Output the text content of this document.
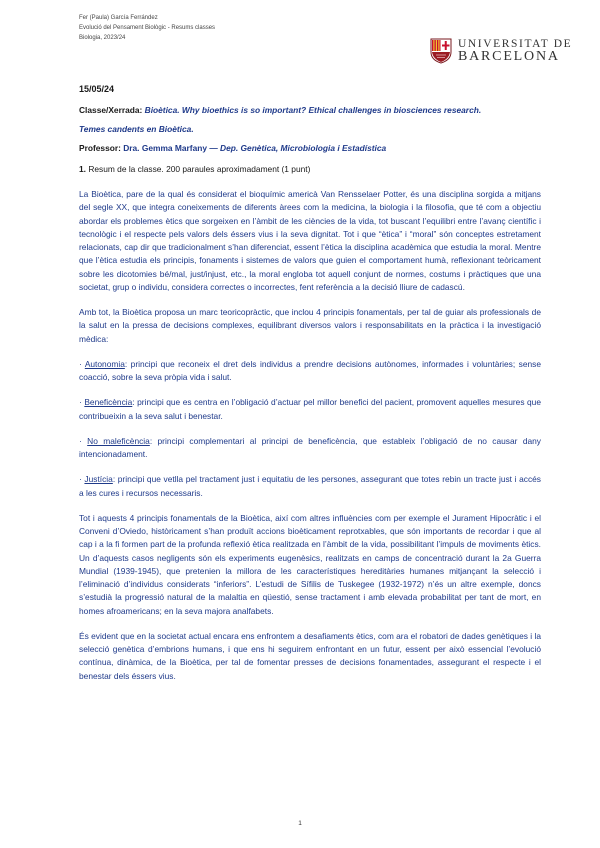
Fer (Paula) García Ferrández
Evolució del Pensament Biològic - Resums classes
Biologia, 2023/24	UNIVERSITAT DE
BARCELONA

15/05/24

Classe/Xerrada: Bioètica. Why bioethics is so important? Ethical challenges in biosciences research.

Temes candents en Bioètica.

Professor: Dra. Gemma Marfany — Dep. Genètica, Microbiologia i Estadística

1. Resum de la classe. 200 paraules aproximadament (1 punt)

La Bioètica, pare de la qual és considerat el bioquímic americà Van Rensselaer Potter, és una disciplina sorgida a mitjans del segle XX, que integra coneixements de diferents àrees com la medicina, la biologia i la filosofia, que té com a objectiu abordar els problemes ètics que sorgeixen en l’àmbit de les ciències de la vida, tot buscant l’equilibri entre l’avanç científic i tecnològic i el respecte pels valors dels éssers vius i la seva dignitat. Tot i que “ètica” i “moral” són conceptes estretament relacionats, cap dir que tradicionalment s’han diferenciat, essent l’ètica la disciplina acadèmica que estudia la moral. Mentre que l’ètica estudia els principis, fonaments i sistemes de valors que guien el comportament humà, reflexionant teòricament sobre les dicotomies bé/mal, just/injust, etc., la moral engloba tot aquell conjunt de normes, costums i pràctiques que una societat, grup o individu, considera correctes o incorrectes, fent referència a la decisió lliure de cadascú.

Amb tot, la Bioètica proposa un marc teoricopràctic, que inclou 4 principis fonamentals, per tal de guiar als professionals de la salut en la pressa de decisions complexes, equilibrant diversos valors i responsabilitats en la pràctica i la investigació mèdica:

· Autonomia: principi que reconeix el dret dels individus a prendre decisions autònomes, informades i voluntàries; sense coacció, sobre la seva pròpia vida i salut.

· Beneficència: principi que es centra en l’obligació d’actuar pel millor benefici del pacient, promovent aquelles mesures que contribueixin a la seva salut i benestar.

· No maleficència: principi complementari al principi de beneficència, que estableix l’obligació de no causar dany intencionadament.

· Justícia: principi que vetlla pel tractament just i equitatiu de les persones, assegurant que totes rebin un tracte just i accés a les cures i recursos necessaris.

Tot i aquests 4 principis fonamentals de la Bioètica, així com altres influències com per exemple el Jurament Hipocràtic i el Conveni d’Oviedo, històricament s’han produït accions bioèticament reprotxables, que són importants de recordar i que al cap i a la fi formen part de la profunda reflexió ètica realitzada en l’àmbit de la vida, possibilitant l’impuls de moviments ètics. Un d’aquests casos negligents són els experiments eugenèsics, realitzats en camps de concentració durant la 2a Guerra Mundial (1939-1945), que pretenien la millora de les característiques hereditàries humanes mitjançant la selecció i l’eliminació d’individus considerats “inferiors”. L’estudi de Sífilis de Tuskegee (1932-1972) n’és un altre exemple, doncs s’estudià la progressió natural de la malaltia en qüestió, sense tractament i amb elevada probabilitat per tant de mort, en homes afroamericans; en la seva majora analfabets.

És evident que en la societat actual encara ens enfrontem a desafiaments ètics, com ara el robatori de dades genètiques i la selecció genètica d’embrions humans, i que ens hi seguirem enfrontant en un futur, essent per això essencial l’evolució contínua, dinàmica, de la Bioètica, per tal de fomentar presses de decisions fonamentades, assegurant el respecte i el benestar dels éssers vius.

1
